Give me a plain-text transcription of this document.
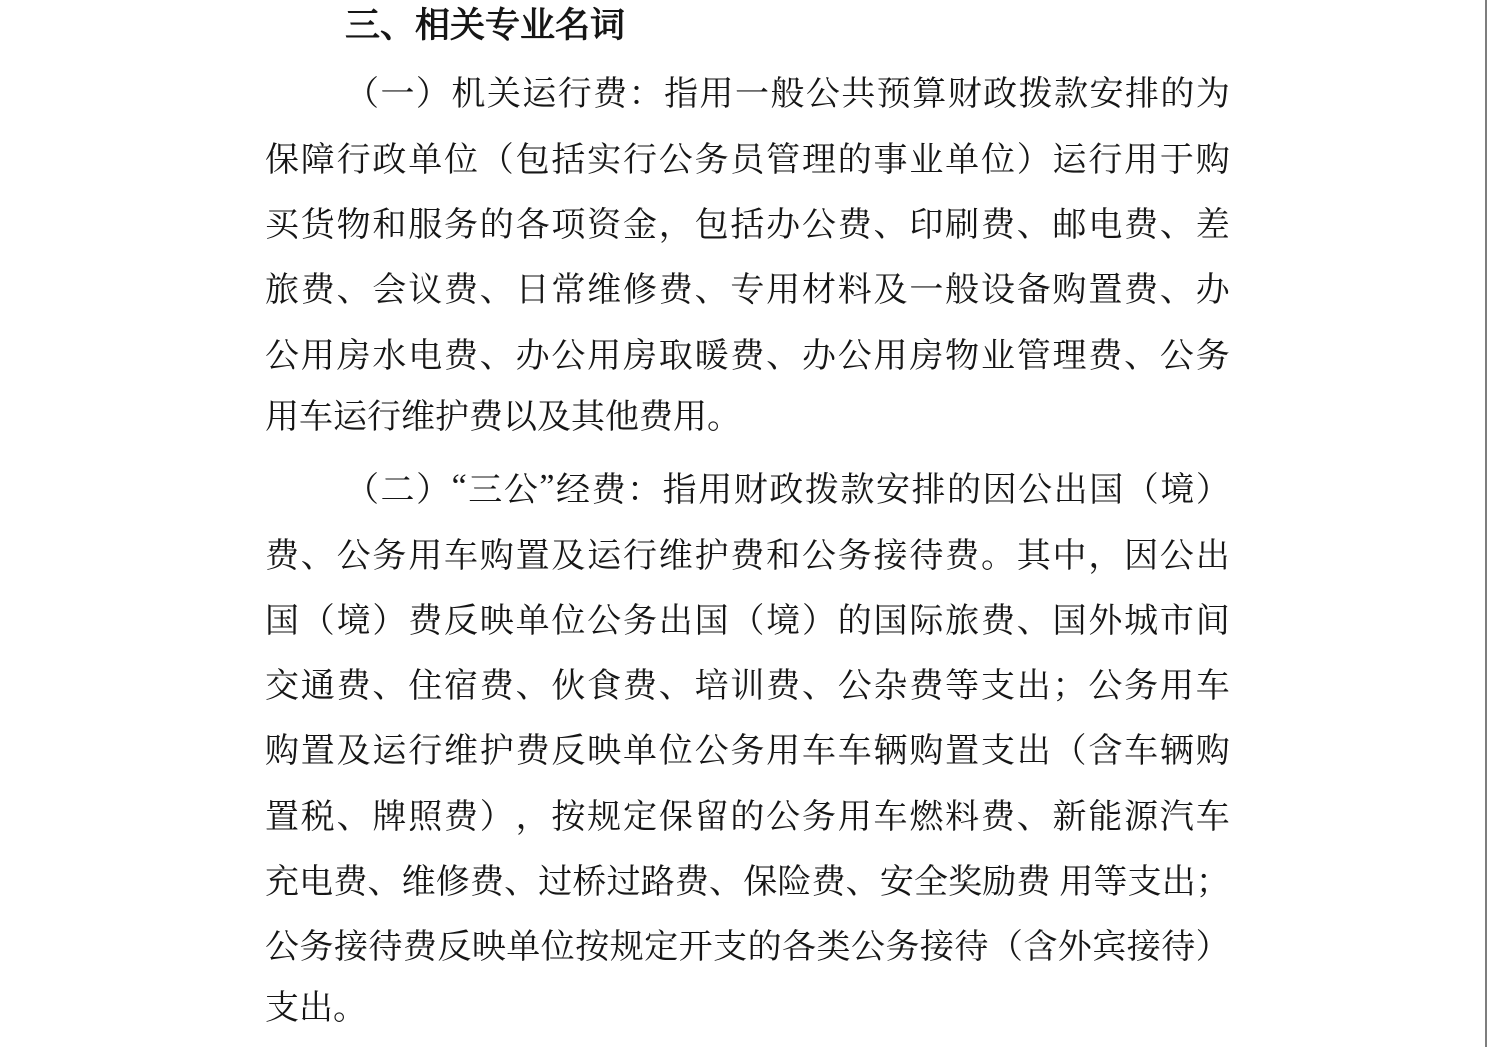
三、相关专业名词
（ 一 ） 机 关 运 行 费 ： 指 用 一 般 公 共 预 算 财 政 拨 款 安 排 的 为
保 障 行 政 单 位 （ 包 括 实 行 公 务 员 管 理 的 事 业 单 位 ） 运 行 用 于 购
买 货 物 和 服 务 的 各 项 资 金 ， 包 括 办 公 费 、 印 刷 费 、 邮 电 费 、 差
旅 费 、 会 议 费 、 日 常 维 修 费 、 专 用 材 料 及 一 般 设 备 购 置 费 、 办
公 用 房 水 电 费 、 办 公 用 房 取 暖 费 、 办 公 用 房 物 业 管 理 费 、 公 务
用车运行维护费以及其他费用。
（ 二 ） “ 三 公 ” 经 费 ： 指 用 财 政 拨 款 安 排 的 因 公 出 国 （ 境 ）
费 、 公 务 用 车 购 置 及 运 行 维 护 费 和 公 务 接 待 费 。 其 中 ， 因 公 出
国 （ 境 ） 费 反 映 单 位 公 务 出 国 （ 境 ） 的 国 际 旅 费 、 国 外 城 市 间
交 通 费 、 住 宿 费 、 伙 食 费 、 培 训 费 、 公 杂 费 等 支 出 ； 公 务 用 车
购 置 及 运 行 维 护 费 反 映 单 位 公 务 用 车 车 辆 购 置 支 出 （ 含 车 辆 购
置 税 、 牌 照 费 ） ， 按 规 定 保 留 的 公 务 用 车 燃 料 费 、 新 能 源 汽 车
充 电 费 、 维 修 费 、 过 桥 过 路 费 、 保 险 费 、 安 全 奖 励 费
用 等 支 出 ；
公 务 接 待 费 反 映 单 位 按 规 定 开 支 的 各 类 公 务 接 待 （ 含 外 宾 接 待 ）
支出。
